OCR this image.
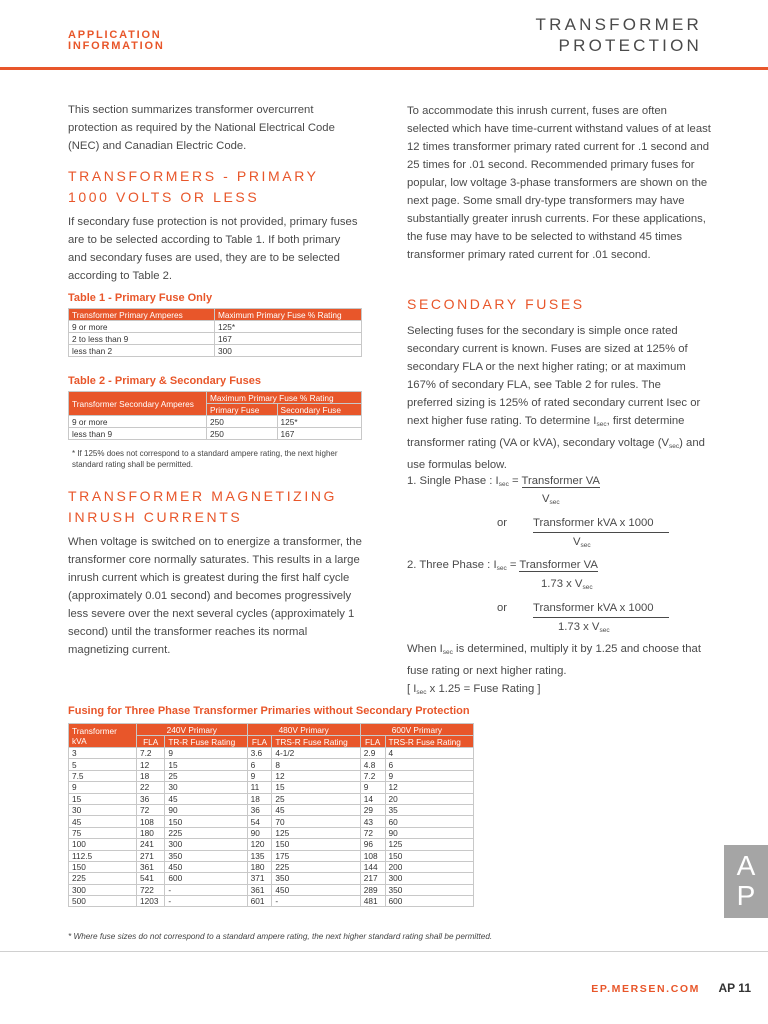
APPLICATION
INFORMATION
TRANSFORMER
PROTECTION
This section summarizes transformer overcurrent protection as required by the National Electrical Code (NEC) and Canadian Electric Code.
TRANSFORMERS - PRIMARY
1000 VOLTS OR LESS
If secondary fuse protection is not provided, primary fuses are to be selected according to Table 1. If both primary and secondary fuses are used, they are to be selected according to Table 2.
Table 1 - Primary Fuse Only
Transformer Primary Amperes	Maximum Primary Fuse % Rating
9 or more	125*
2 to less than 9	167
less than 2	300
Table 2 - Primary & Secondary Fuses
Transformer Secondary Amperes	Maximum Primary Fuse % Rating	
	Primary Fuse	Secondary Fuse
9 or more	250	125*
less than 9	250	167
* If 125% does not correspond to a standard ampere rating, the next higher
standard rating shall be permitted.
TRANSFORMER MAGNETIZING
INRUSH CURRENTS
When voltage is switched on to energize a transformer, the transformer core normally saturates. This results in a large inrush current which is greatest during the first half cycle (approximately 0.01 second) and becomes progressively less severe over the next several cycles (approximately 1 second) until the transformer reaches its normal magnetizing current.
To accommodate this inrush current, fuses are often selected which have time-current withstand values of at least 12 times transformer primary rated current for .1 second and 25 times for .01 second. Recommended primary fuses for popular, low voltage 3-phase transformers are shown on the next page. Some small dry-type transformers may have substantially greater inrush currents. For these applications, the fuse may have to be selected to withstand 45 times transformer primary rated current for .01 second.
SECONDARY FUSES
Selecting fuses for the secondary is simple once rated secondary current is known. Fuses are sized at 125% of secondary FLA or the next higher rating; or at maximum 167% of secondary FLA, see Table 2 for rules. The preferred sizing is 125% of rated secondary current Isec or next higher fuse rating. To determine $I_{sec}$, first determine transformer rating (VA or kVA), secondary voltage $(V_{sec})$ and use formulas below.
1. Single Phase : $I_{sec}$ = Transformer VA
$V_{sec}$
or Transformer kVA x 1000
$V_{sec}$
2. Three Phase : $I_{sec}$ = Transformer VA
1.73 x $V_{sec}$
or Transformer kVA x 1000
1.73 x $V_{sec}$
When $I_{sec}$ is determined, multiply it by 1.25 and choose that fuse rating or next higher rating.
[ $I_{sec}$ x 1.25 = Fuse Rating ]
Fusing for Three Phase Transformer Primaries without Secondary Protection
Transformer kVA	240V Primary		480V Primary		600V Primary	
	FLA	TR-R Fuse Rating	FLA	TRS-R Fuse Rating	FLA	TRS-R Fuse Rating
3	7.2	9	3.6	4-1/2	2.9	4
5	12	15	6	8	4.8	6
7.5	18	25	9	12	7.2	9
9	22	30	11	15	9	12
15	36	45	18	25	14	20
30	72	90	36	45	29	35
45	108	150	54	70	43	60
75	180	225	90	125	72	90
100	241	300	120	150	96	125
112.5	271	350	135	175	108	150
150	361	450	180	225	144	200
225	541	600	371	350	217	300
300	722	-	361	450	289	350
500	1203	-	601	-	481	600
* Where fuse sizes do not correspond to a standard ampere rating, the next higher standard rating shall be permitted.
A
P
EP.MERSEN.COM AP 11
